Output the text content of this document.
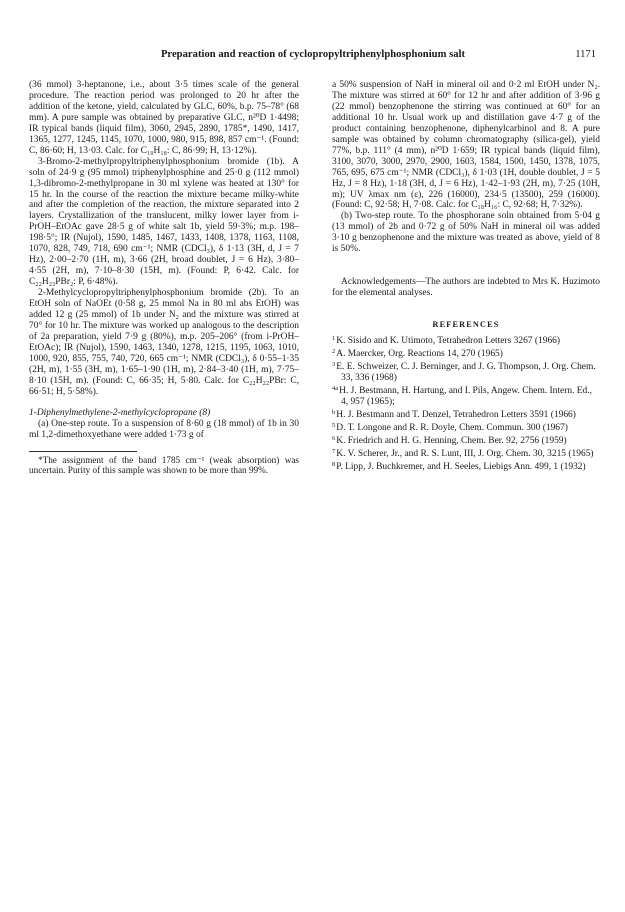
Preparation and reaction of cyclopropyltriphenylphosphonium salt	1171

(36 mmol) 3-heptanone, i.e., about 3·5 times scale of the general procedure. The reaction period was prolonged to 20 hr after the addition of the ketone, yield, calculated by GLC, 60%, b.p. 75–78° (68 mm). A pure sample was obtained by preparative GLC, n²⁰D 1·4498; IR typical bands (liquid film), 3060, 2945, 2890, 1785*, 1490, 1417, 1365, 1277, 1245, 1145, 1070, 1000, 980, 915, 898, 857 cm⁻¹. (Found: C, 86·60; H, 13·03. Calc. for C₁₀H₁₈: C, 86·99; H, 13·12%).

3-Bromo-2-methylpropyltriphenylphosphonium bromide (1b). A soln of 24·9 g (95 mmol) triphenylphosphine and 25·0 g (112 mmol) 1,3-dibromo-2-methylpropane in 30 ml xylene was heated at 130° for 15 hr. In the course of the reaction the mixture became milky-white and after the completion of the reaction, the mixture separated into 2 layers. Crystallization of the translucent, milky lower layer from i-PrOH–EtOAc gave 28·5 g of white salt 1b, yield 59·3%; m.p. 198–198·5°; IR (Nujol), 1590, 1485, 1467, 1433, 1408, 1378, 1163, 1108, 1070, 828, 749, 718, 690 cm⁻¹; NMR (CDCl₃), δ 1·13 (3H, d, J = 7 Hz), 2·00–2·70 (1H, m), 3·66 (2H, broad doublet, J = 6 Hz), 3·80–4·55 (2H, m), 7·10–8·30 (15H, m). (Found: P, 6·42. Calc. for C₂₂H₂₃PBr₂: P, 6·48%).

2-Methylcyclopropyltriphenylphosphonium bromide (2b). To an EtOH soln of NaOEt (0·58 g, 25 mmol Na in 80 ml abs EtOH) was added 12 g (25 mmol) of 1b under N₂ and the mixture was stirred at 70° for 10 hr. The mixture was worked up analogous to the description of 2a preparation, yield 7·9 g (80%), m.p. 205–206° (from i-PrOH–EtOAc); IR (Nujol), 1590, 1463, 1340, 1278, 1215, 1195, 1063, 1010, 1000, 920, 855, 755, 740, 720, 665 cm⁻¹; NMR (CDCl₃), δ 0·55–1·35 (2H, m), 1·55 (3H, m), 1·65–1·90 (1H, m), 2·84–3·40 (1H, m), 7·75–8·10 (15H, m). (Found: C, 66·35; H, 5·80. Calc. for C₂₂H₂₂PBr: C, 66·51; H, 5·58%).

1-Diphenylmethylene-2-methylcyclopropane (8)

(a) One-step route. To a suspension of 8·60 g (18 mmol) of 1b in 30 ml 1,2-dimethoxyethane were added 1·73 g of

*The assignment of the band 1785 cm⁻¹ (weak absorption) was uncertain. Purity of this sample was shown to be more than 99%.

a 50% suspension of NaH in mineral oil and 0·2 ml EtOH under N₂. The mixture was stirred at 60° for 12 hr and after addition of 3·96 g (22 mmol) benzophenone the stirring was continued at 60° for an additional 10 hr. Usual work up and distillation gave 4·7 g of the product containing benzophenone, diphenylcarbinol and 8. A pure sample was obtained by column chromatography (silica-gel), yield 77%, b.p. 111° (4 mm), n²⁰D 1·659; IR typical bands (liquid film), 3100, 3070, 3000, 2970, 2900, 1603, 1584, 1500, 1450, 1378, 1075, 765, 695, 675 cm⁻¹; NMR (CDCl₃), δ 1·03 (1H, double doublet, J = 5 Hz, J = 8 Hz), 1·18 (3H, d, J = 6 Hz), 1·42–1·93 (2H, m), 7·25 (10H, m); UV λmax nm (ε), 226 (16000), 234·5 (13500), 259 (16000). (Found: C, 92·58; H, 7·08. Calc. for C₁₈H₁₆: C, 92·68; H, 7·32%).

(b) Two-step route. To the phosphorane soln obtained from 5·04 g (13 mmol) of 2b and 0·72 g of 50% NaH in mineral oil was added 3·10 g benzophenone and the mixture was treated as above, yield of 8 is 50%.

Acknowledgements—The authors are indebted to Mrs K. Huzimoto for the elemental analyses.

REFERENCES
$^1$K. Sisido and K. Utimoto, Tetrahedron Letters 3267 (1966)
$^2$A. Maercker, Org. Reactions 14, 270 (1965)
$^3$E. E. Schweizer, C. J. Berninger, and J. G. Thompson, J. Org. Chem. 33, 336 (1968)
$^{4a}$H. J. Bestmann, H. Hartung, and I. Pils, Angew. Chem. Intern. Ed., 4, 957 (1965);
$^b$H. J. Bestmann and T. Denzel, Tetrahedron Letters 3591 (1966)
$^5$D. T. Longone and R. R. Doyle, Chem. Commun. 300 (1967)
$^6$K. Friedrich and H. G. Henning, Chem. Ber. 92, 2756 (1959)
$^7$K. V. Scherer, Jr., and R. S. Lunt, III, J. Org. Chem. 30, 3215 (1965)
$^8$P. Lipp, J. Buchkremer, and H. Seeles, Liebigs Ann. 499, 1 (1932)
